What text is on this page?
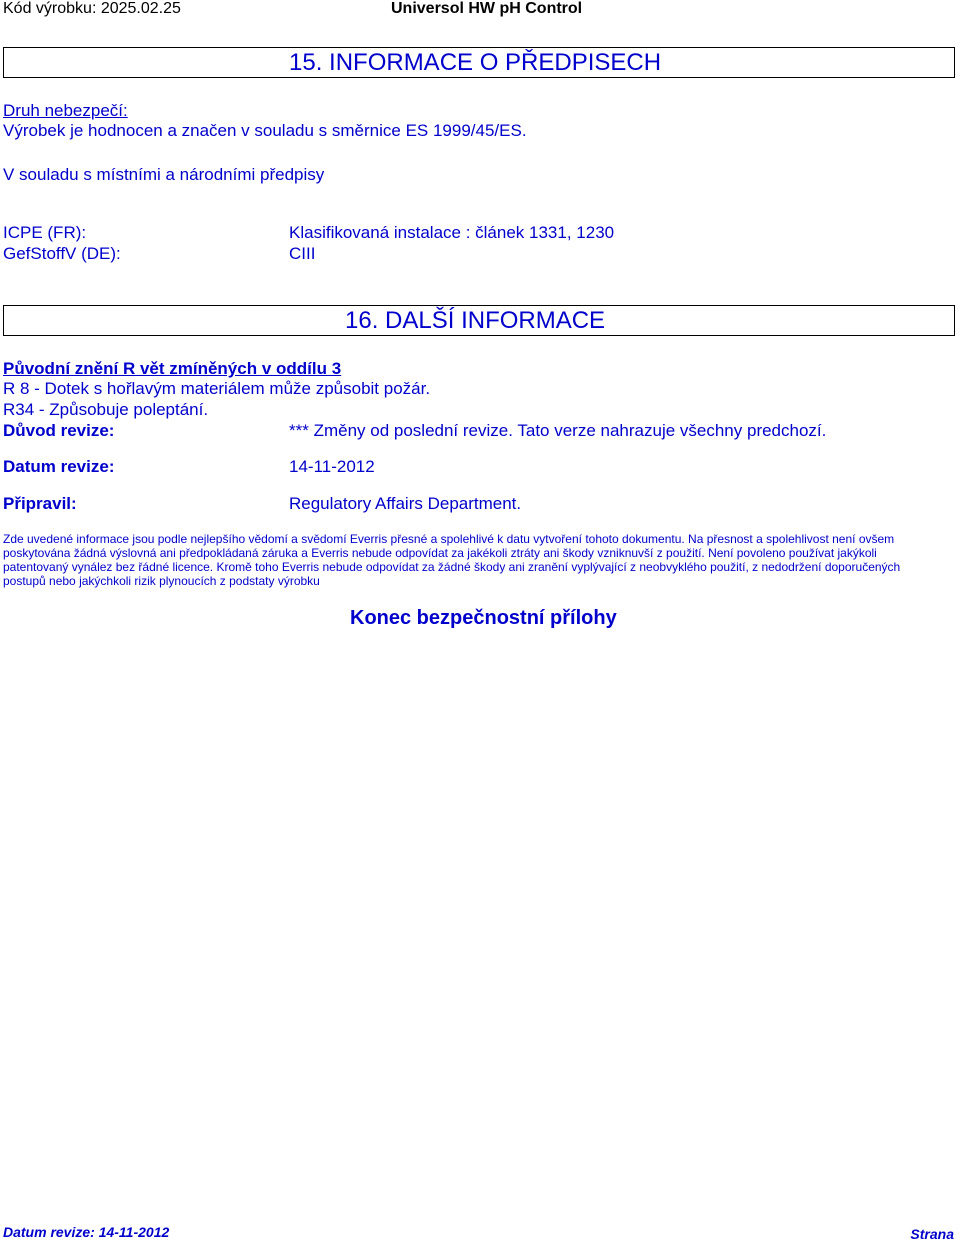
Kód výrobku: 2025.02.25	Universol HW pH Control
15. INFORMACE O PŘEDPISECH
Druh nebezpečí:
Výrobek je hodnocen a značen v souladu s směrnice ES 1999/45/ES.
V souladu s místními a národními předpisy
ICPE (FR):	Klasifikovaná instalace : článek 1331, 1230
GefStoffV (DE):	CIII
16. DALŠÍ INFORMACE
Původní znění R vět zmíněných v oddílu 3
R 8 - Dotek s hořlavým materiálem může způsobit požár.
R34 - Způsobuje poleptání.
Důvod revize:	*** Změny od poslední revize. Tato verze nahrazuje všechny predchozí.
Datum revize:	14-11-2012
Připravil:	Regulatory Affairs Department.
Zde uvedené informace jsou podle nejlepšího vědomí a svědomí Everris přesné a spolehlivé k datu vytvoření tohoto dokumentu. Na přesnost a spolehlivost není ovšem
poskytována žádná výslovná ani předpokládaná záruka a Everris nebude odpovídat za jakékoli ztráty ani škody vzniknuvší z použití. Není povoleno používat jakýkoli
patentovaný vynález bez řádné licence. Kromě toho Everris nebude odpovídat za žádné škody ani zranění vyplývající z neobvyklého použití, z nedodržení doporučených
postupů nebo jakýchkoli rizik plynoucích z podstaty výrobku
Konec bezpečnostní přílohy
Datum revize: 14-11-2012	Strana
